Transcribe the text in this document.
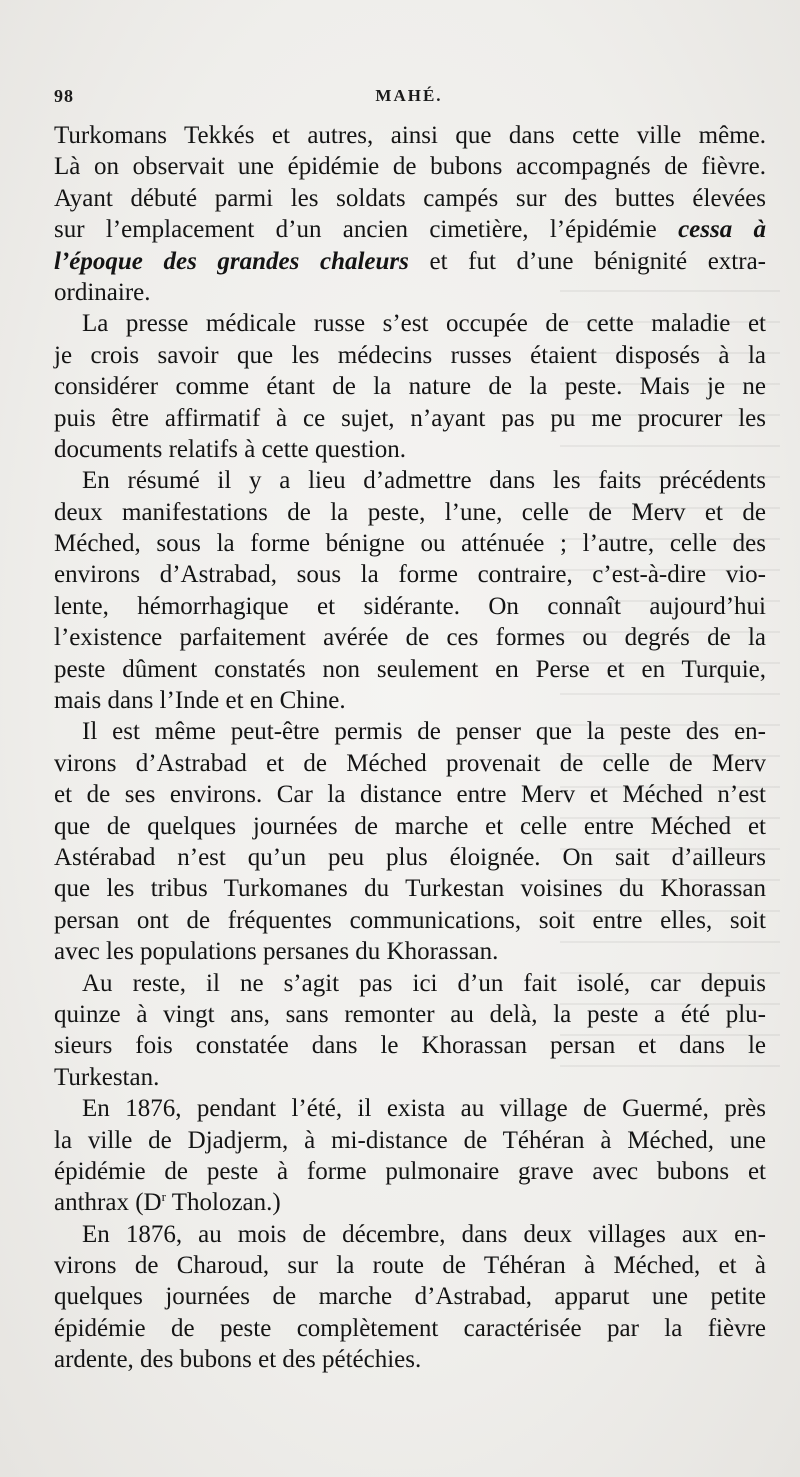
98	MAHÉ.
Turkomans Tekkés et autres, ainsi que dans cette ville même.
Là on observait une épidémie de bubons accompagnés de fièvre.
Ayant débuté parmi les soldats campés sur des buttes élevées
sur l’emplacement d’un ancien cimetière, l’épidémie cessa à
l’époque des grandes chaleurs et fut d’une bénignité extra-
ordinaire.
La presse médicale russe s’est occupée de cette maladie et
je crois savoir que les médecins russes étaient disposés à la
considérer comme étant de la nature de la peste. Mais je ne
puis être affirmatif à ce sujet, n’ayant pas pu me procurer les
documents relatifs à cette question.
En résumé il y a lieu d’admettre dans les faits précédents
deux manifestations de la peste, l’une, celle de Merv et de
Méched, sous la forme bénigne ou atténuée ; l’autre, celle des
environs d’Astrabad, sous la forme contraire, c’est-à-dire vio-
lente, hémorrhagique et sidérante. On connaît aujourd’hui
l’existence parfaitement avérée de ces formes ou degrés de la
peste dûment constatés non seulement en Perse et en Turquie,
mais dans l’Inde et en Chine.
Il est même peut-être permis de penser que la peste des en-
virons d’Astrabad et de Méched provenait de celle de Merv
et de ses environs. Car la distance entre Merv et Méched n’est
que de quelques journées de marche et celle entre Méched et
Astérabad n’est qu’un peu plus éloignée. On sait d’ailleurs
que les tribus Turkomanes du Turkestan voisines du Khorassan
persan ont de fréquentes communications, soit entre elles, soit
avec les populations persanes du Khorassan.
Au reste, il ne s’agit pas ici d’un fait isolé, car depuis
quinze à vingt ans, sans remonter au delà, la peste a été plu-
sieurs fois constatée dans le Khorassan persan et dans le
Turkestan.
En 1876, pendant l’été, il exista au village de Guermé, près
la ville de Djadjerm, à mi-distance de Téhéran à Méched, une
épidémie de peste à forme pulmonaire grave avec bubons et
anthrax ($D^r$ Tholozan.)
En 1876, au mois de décembre, dans deux villages aux en-
virons de Charoud, sur la route de Téhéran à Méched, et à
quelques journées de marche d’Astrabad, apparut une petite
épidémie de peste complètement caractérisée par la fièvre
ardente, des bubons et des pétéchies.
